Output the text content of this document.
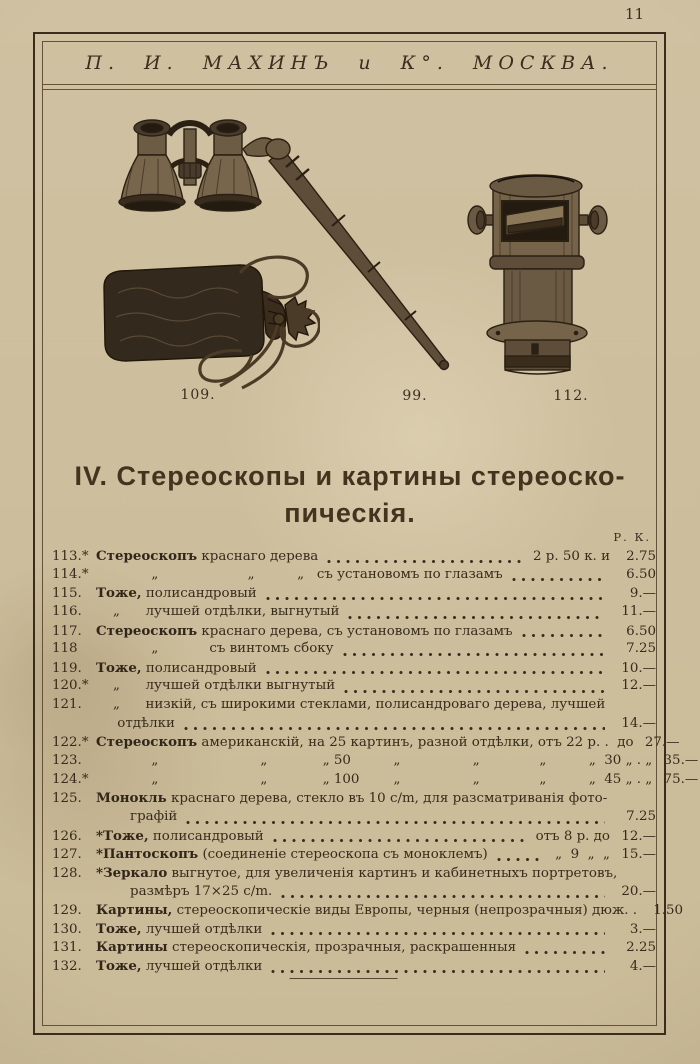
11
П. И. МАХИНЪ и К°. МОСКВА.
109.	99.	112.
IV. Стереоскопы и картины стереоско-
пическія.
Р. К.
113.* Стереоскопъ краснаго дерева	2 р. 50 к. и	2.75
114.* „                     „          „   съ установомъ по глазамъ	6.50
115.	Тоже, полисандровый	9.—
116.	„      лучшей отдѣлки, выгнутый	11.—
117.	Стереоскопъ краснаго дерева, съ установомъ по глазамъ	6.50
118	„            съ винтомъ сбоку	7.25
119.	Тоже, полисандровый	10.—
120.* „      лучшей отдѣлки выгнутый	12.—
121.	„      низкій, съ широкими стеклами, полисандроваго дерева, лучшей
отдѣлки	14.—
122.* Стереоскопъ американскій, на 25 картинъ, разной отдѣлки, отъ 22 р. .  до 27.—
123.	„                        „             „ 50          „                 „              „          „  30 „ . „ 35.—
124.* „                        „             „ 100        „                 „              „          „  45 „ . „ 75.—
125.	Монокль краснаго дерева, стекло въ 10 c/m, для разсматриванія фото-
графій	7.25
126.	*Тоже, полисандровый	отъ 8 р. до 12.—
127.	*Пантоскопъ (соединеніе стереоскопа съ моноклемъ)	„  9  „  „ 15.—
128.	*Зеркало выгнутое, для увеличенія картинъ и кабинетныхъ портретовъ,
размѣръ 17×25 c/m.	20.—
129.	Картины, стереоскопическіе виды Европы, черныя (непрозрачныя) дюж. .	1.50
130.	Тоже, лучшей отдѣлки	3.—
131.	Картины стереоскопическія, прозрачныя, раскрашенныя	2.25
132.	Тоже, лучшей отдѣлки	4.—
